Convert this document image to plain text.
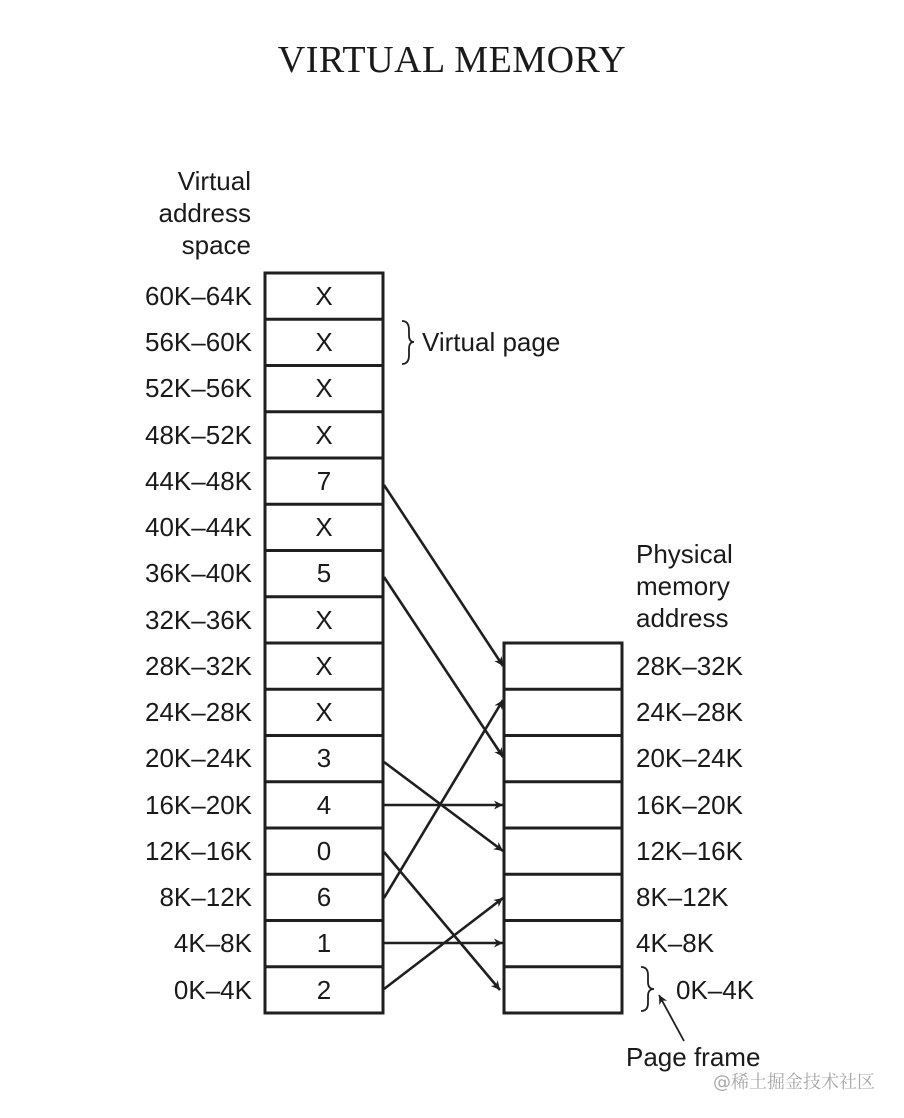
VIRTUAL MEMORY
Virtual
address
space
Physical
memory
address
60K–64K
56K–60K
52K–56K
48K–52K
44K–48K
40K–44K
36K–40K
32K–36K
28K–32K
24K–28K
20K–24K
16K–20K
12K–16K
8K–12K
4K–8K
0K–4K
X
X
X
X
7
X
5
X
X
X
3
4
0
6
1
2
28K–32K
24K–28K
20K–24K
16K–20K
12K–16K
8K–12K
4K–8K
0K–4K
Virtual page
Page frame
@稀土掘金技术社区
